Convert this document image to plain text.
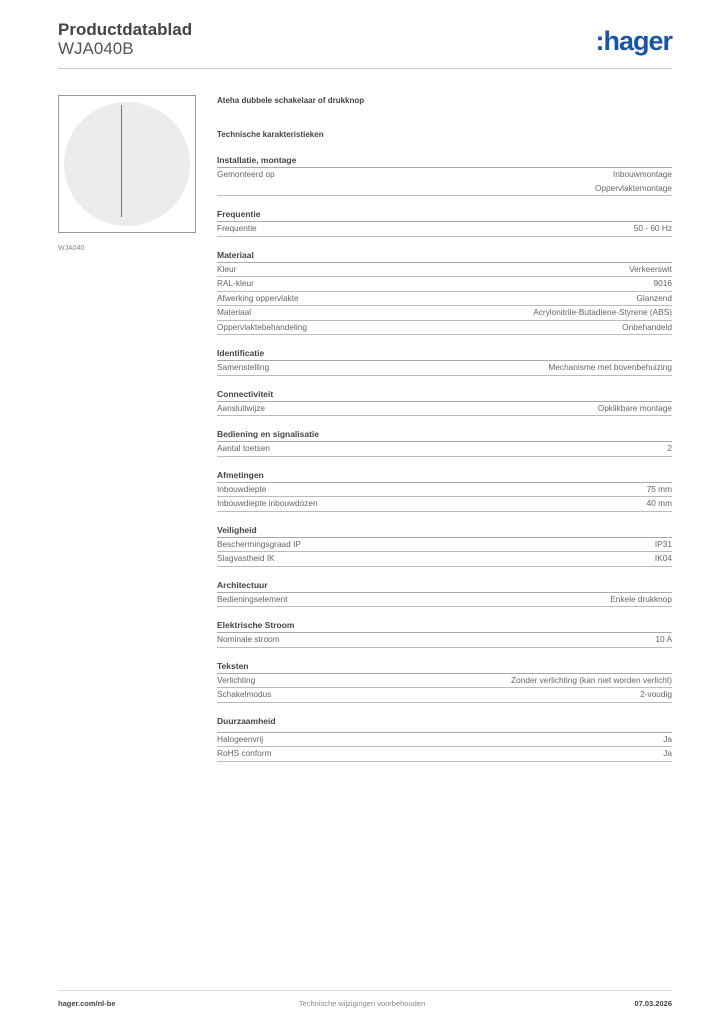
Productdatablad
WJA040B	:hager
WJA040
Ateha dubbele schakelaar of drukknop
Technische karakteristieken
Installatie, montage
Gemonteerd op	Inbouwmontage
Oppervlaktemontage
Frequentie
Frequentie	50 - 60 Hz
Materiaal
Kleur	Verkeerswit
RAL-kleur	9016
Afwerking oppervlakte	Glanzend
Materiaal	Acrylonitrile-Butadiene-Styrene (ABS)
Oppervlaktebehandeling	Onbehandeld
Identificatie
Samenstelling	Mechanisme met bovenbehuizing
Connectiviteit
Aansluitwijze	Opklikbare montage
Bediening en signalisatie
Aantal toetsen	2
Afmetingen
Inbouwdiepte	75 mm
Inbouwdiepte inbouwdozen	40 mm
Veiligheid
Beschermingsgraad IP	IP31
Slagvastheid IK	IK04
Architectuur
Bedieningselement	Enkele drukknop
Elektrische Stroom
Nominale stroom	10 A
Teksten
Verlichting	Zonder verlichting (kan niet worden verlicht)
Schakelmodus	2-voudig
Duurzaamheid
Halogeenvrij	Ja
RoHS conform	Ja
hager.com/nl-be	Technische wijzigingen voorbehouden	07.03.2026
